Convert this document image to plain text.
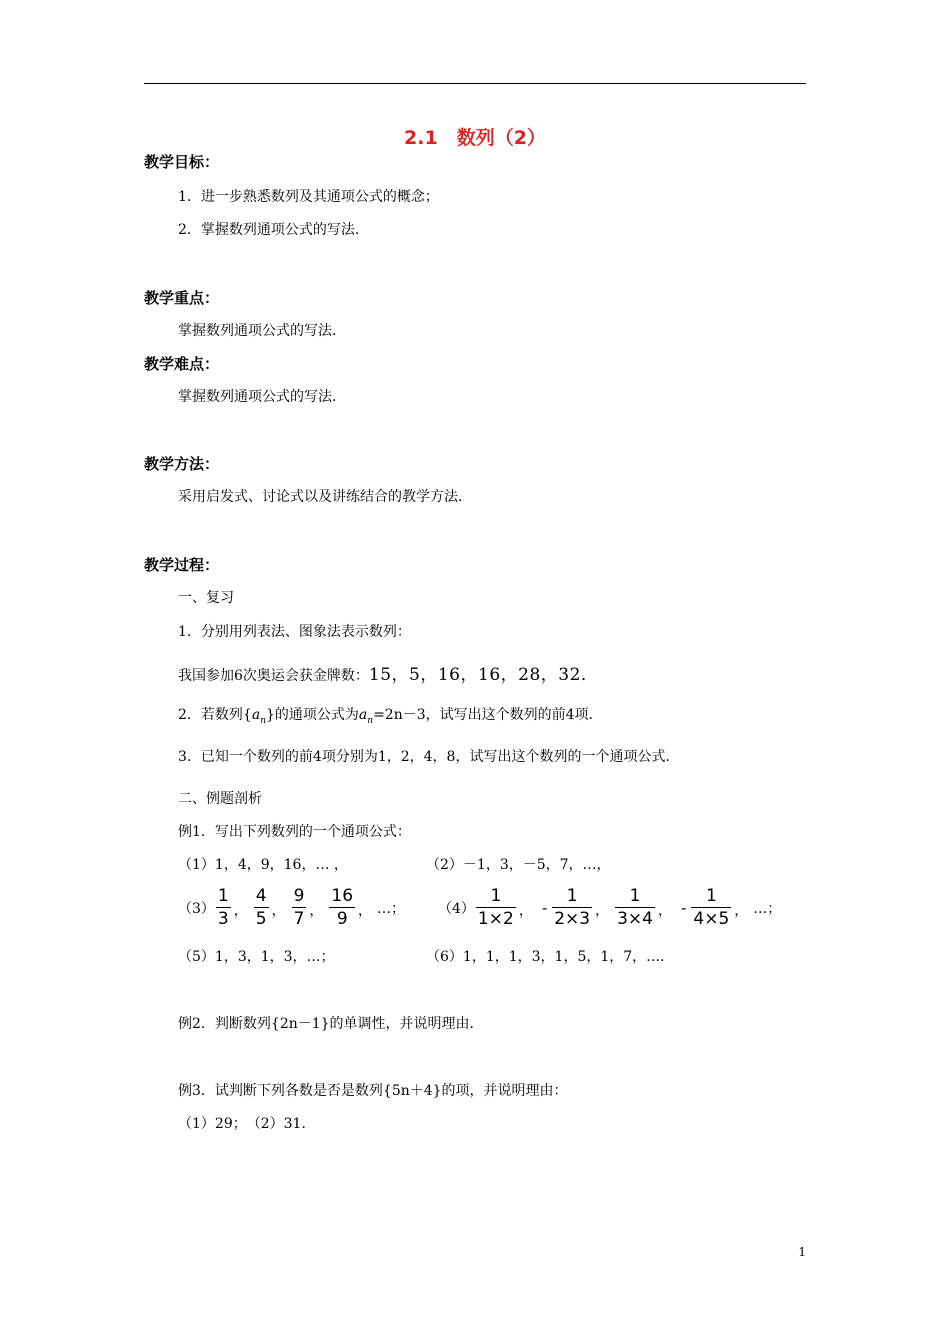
2.1　数列（2）
教学目标：
1．进一步熟悉数列及其通项公式的概念；
2．掌握数列通项公式的写法．
教学重点：
掌握数列通项公式的写法．
教学难点：
掌握数列通项公式的写法．
教学方法：
采用启发式、讨论式以及讲练结合的教学方法．
教学过程：
一、复习
1．分别用列表法、图象法表示数列：
我国参加6次奥运会获金牌数：15，5，16，16，28，32．
2．若数列$\{a_n\}$的通项公式为$a_n=2n-3$，试写出这个数列的前4项．
3．已知一个数列的前4项分别为1，2，4，8，试写出这个数列的一个通项公式．
二、例题剖析
例1．写出下列数列的一个通项公式：
（1）1，4，9，16，… ，	（2）－1，3，－5，7，…，
$(3) \frac{1}{3}$ ， $\frac{4}{5}$ ， $\frac{9}{7}$ ， $\frac{16}{9}$ ， …； $(4) \frac{1}{1\times 2}$ ， - $\frac{1}{2\times 3}$ ， $\frac{1}{3\times 4}$ ， - $\frac{1}{4\times 5}$ ， …；
（5）1，3，1，3，…；	（6）1，1，1，3，1，5，1，7，…．
例2．判断数列{2n－1}的单调性，并说明理由．
例3．试判断下列各数是否是数列{5n＋4}的项，并说明理由：
（1）29；　（2）31．
1
